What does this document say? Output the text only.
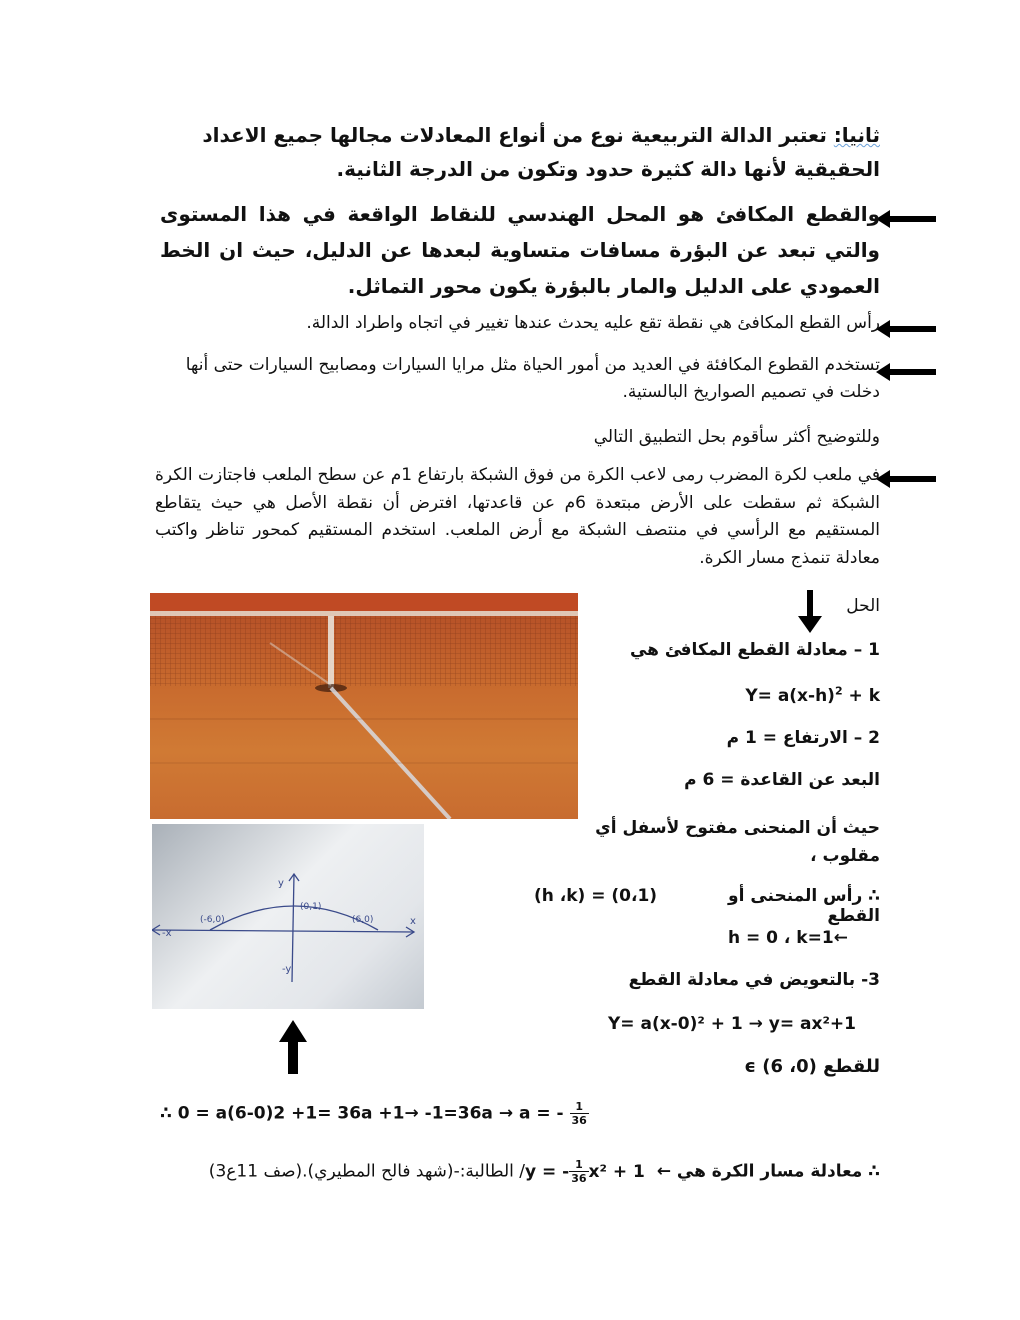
ثانيا: تعتبر الدالة التربيعية نوع من أنواع المعادلات مجالها جميع الاعداد الحقيقية لأنها دالة كثيرة حدود وتكون من الدرجة الثانية.
والقطع المكافئ هو المحل الهندسي للنقاط الواقعة في هذا المستوى والتي تبعد عن البؤرة مسافات متساوية لبعدها عن الدليل، حيث ان الخط العمودي على الدليل والمار بالبؤرة يكون محور التماثل.
رأس القطع المكافئ هي نقطة تقع عليه يحدث عندها تغيير في اتجاه واطراد الدالة.
تستخدم القطوع المكافئة في العديد من أمور الحياة مثل مرايا السيارات ومصابيح السيارات حتى أنها دخلت في تصميم الصواريخ البالستية.
وللتوضيح أكثر سأقوم بحل التطبيق التالي
في ملعب لكرة المضرب رمى لاعب الكرة من فوق الشبكة بارتفاع 1م عن سطح الملعب فاجتازت الكرة الشبكة ثم سقطت على الأرض مبتعدة 6م عن قاعدتها، افترض أن نقطة الأصل هي حيث يتقاطع المستقيم مع الرأسي في منتصف الشبكة مع أرض الملعب. استخدم المستقيم كمحور تناظر واكتب معادلة تنمذج مسار الكرة.
y
-y
-x
x
(-6,0)
(0,1)
(6,0)
الحل
1 – معادلة القطع المكافئ هي
$Y= a(x-h)^2 + k$
2 – الارتفاع = 1 م
البعد عن القاعدة = 6 م
حيث أن المنحنى مفتوح لأسفل أي مقلوب ،
(h ،k) = (0،1)	∴ رأس المنحنى أو القطع
h = 0 ، k=1←
3- بالتعويض في معادلة القطع
Y= a(x-0)² + 1 → y= ax²+1
للقطع (0، 6) ϵ
∴ 0 = a(6-0)2 +1= 36a +1→ -1=36a → a = - $\frac{1}{36}$
∴ معادلة مسار الكرة هي ← y = - $\frac{1}{36} x^2 + 1$ / الطالبة:-(شهد فالح المطيري).(صف 11ع3)
